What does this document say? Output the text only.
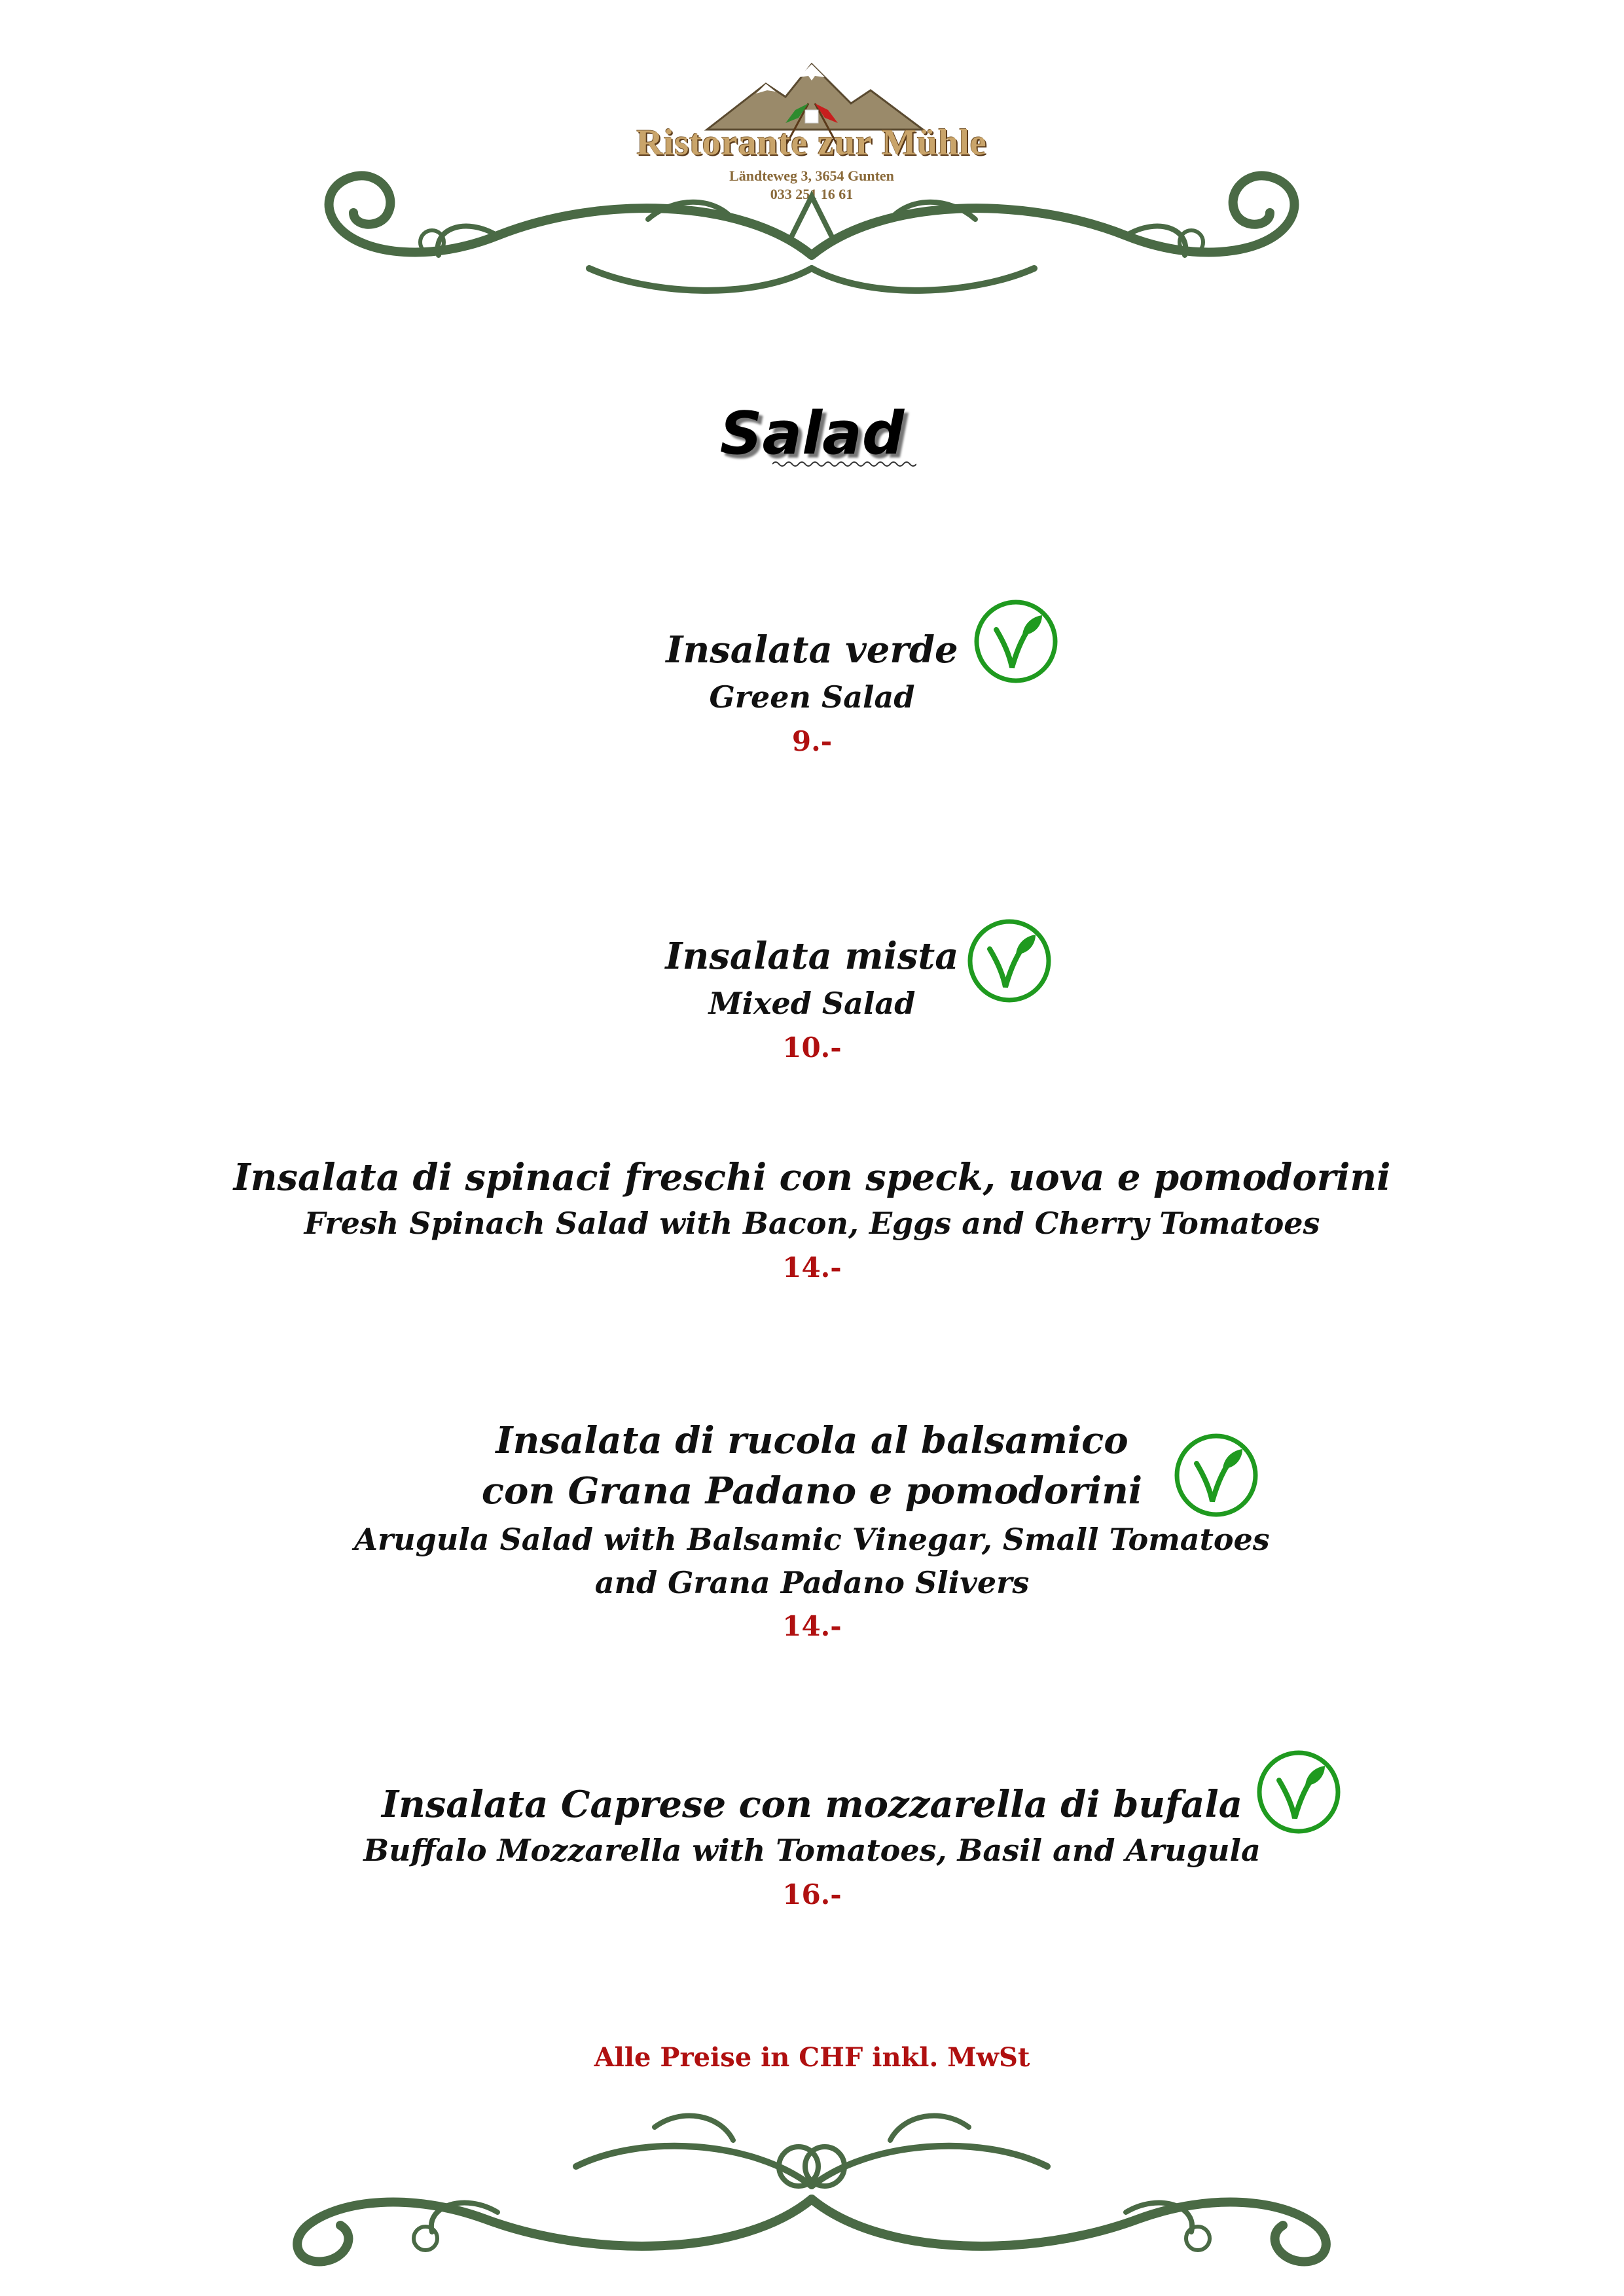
Ristorante zur Mühle
Ländteweg 3, 3654 Gunten
033 251 16 61
Salad
Insalata verde
Green Salad
9.-
Insalata mista
Mixed Salad
10.-
Insalata di spinaci freschi con speck, uova e pomodorini
Fresh Spinach Salad with Bacon, Eggs and Cherry Tomatoes
14.-
Insalata di rucola al balsamico
con Grana Padano e pomodorini
Arugula Salad with Balsamic Vinegar, Small Tomatoes
and Grana Padano Slivers
14.-
Insalata Caprese con mozzarella di bufala
Buffalo Mozzarella with Tomatoes, Basil and Arugula
16.-
Alle Preise in CHF inkl. MwSt
